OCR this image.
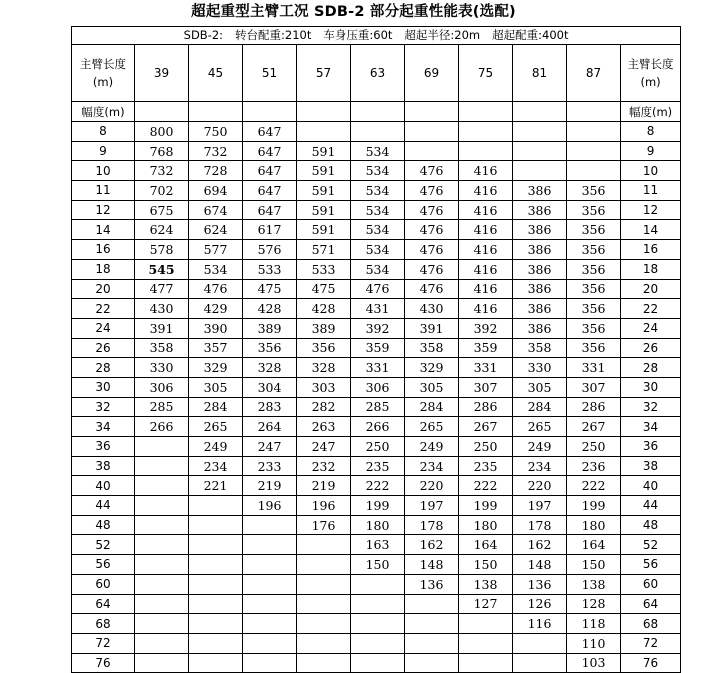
超起重型主臂工况 SDB-2 部分起重性能表(选配)
SDB-2: 转台配重:210t 车身压重:60t 超起半径:20m 超起配重:400t										

主臂长度
(m)	39	45	51	57	63	69	75	81	87	主臂长度
(m)

幅度(m)										幅度(m)
8	800	750	647							8
9	768	732	647	591	534					9
10	732	728	647	591	534	476	416			10
11	702	694	647	591	534	476	416	386	356	11
12	675	674	647	591	534	476	416	386	356	12
14	624	624	617	591	534	476	416	386	356	14
16	578	577	576	571	534	476	416	386	356	16
18	545	534	533	533	534	476	416	386	356	18
20	477	476	475	475	476	476	416	386	356	20
22	430	429	428	428	431	430	416	386	356	22
24	391	390	389	389	392	391	392	386	356	24
26	358	357	356	356	359	358	359	358	356	26
28	330	329	328	328	331	329	331	330	331	28
30	306	305	304	303	306	305	307	305	307	30
32	285	284	283	282	285	284	286	284	286	32
34	266	265	264	263	266	265	267	265	267	34
36		249	247	247	250	249	250	249	250	36
38		234	233	232	235	234	235	234	236	38
40		221	219	219	222	220	222	220	222	40
44			196	196	199	197	199	197	199	44
48				176	180	178	180	178	180	48
52					163	162	164	162	164	52
56					150	148	150	148	150	56
60						136	138	136	138	60
64							127	126	128	64
68								116	118	68
72									110	72
76									103	76
